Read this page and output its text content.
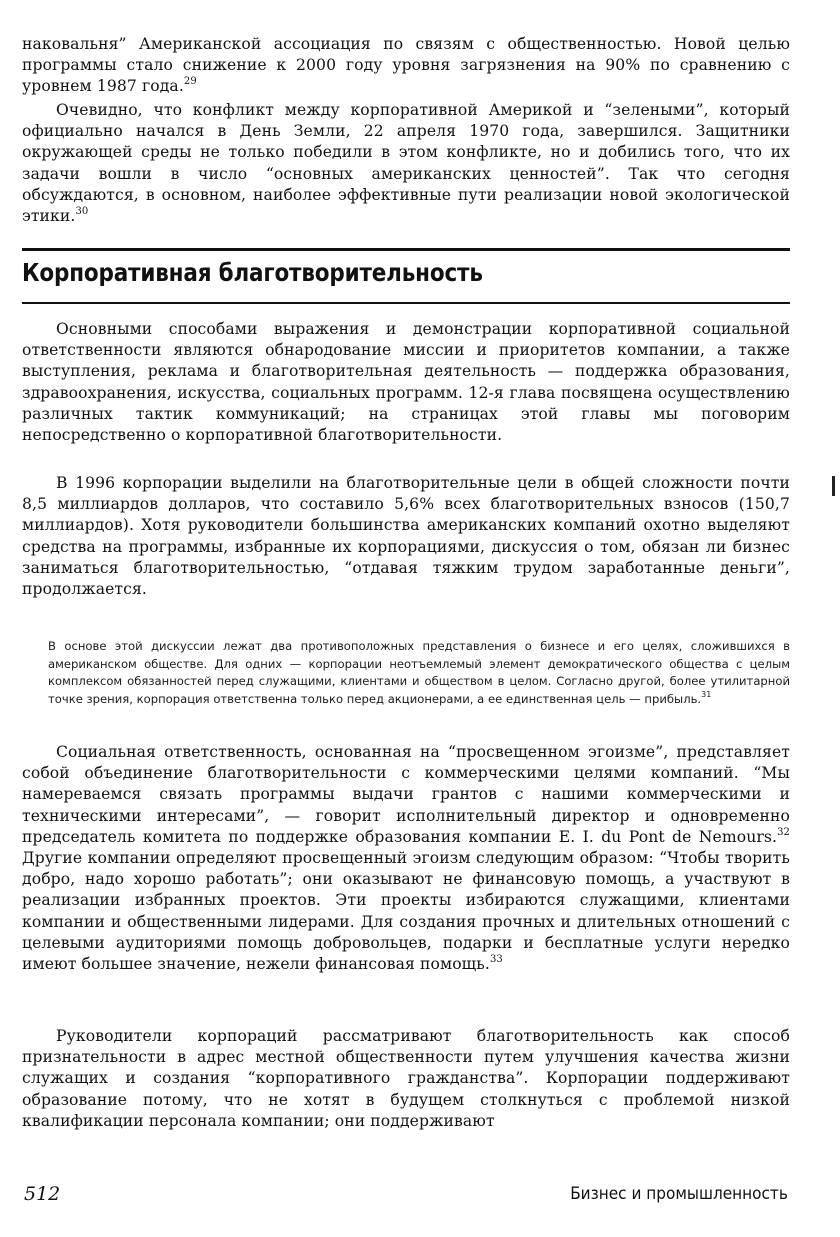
наковальня” Американской ассоциация по связям с общественностью. Новой целью программы стало снижение к 2000 году уровня загрязнения на 90% по сравнению с уровнем 1987 года.$^{29}$

Очевидно, что конфликт между корпоративной Америкой и “зелеными”, который официально начался в День Земли, 22 апреля 1970 года, завершился. Защитники окружающей среды не только победили в этом конфликте, но и добились того, что их задачи вошли в число “основных американских ценностей”. Так что сегодня обсуждаются, в основном, наиболее эффективные пути реализации новой экологической этики.$^{30}$

Корпоративная благотворительность

Основными способами выражения и демонстрации корпоративной социальной ответственности являются обнародование миссии и приоритетов компании, а также выступления, реклама и благотворительная деятельность — поддержка образования, здравоохранения, искусства, социальных программ. 12-я глава посвящена осуществлению различных тактик коммуникаций; на страницах этой главы мы поговорим непосредственно о корпоративной благотворительности.

В 1996 корпорации выделили на благотворительные цели в общей сложности почти 8,5 миллиардов долларов, что составило 5,6% всех благотворительных взносов (150,7 миллиардов). Хотя руководители большинства американских компаний охотно выделяют средства на программы, избранные их корпорациями, дискуссия о том, обязан ли бизнес заниматься благотворительностью, “отдавая тяжким трудом заработанные деньги”, продолжается.

В основе этой дискуссии лежат два противоположных представления о бизнесе и его целях, сложившихся в американском обществе. Для одних — корпорации неотъемлемый элемент демократического общества с целым комплексом обязанностей перед служащими, клиентами и обществом в целом. Согласно другой, более утилитарной точке зрения, корпорация ответственна только перед акционерами, а ее единственная цель — прибыль.$^{31}$

Социальная ответственность, основанная на “просвещенном эгоизме”, представляет собой объединение благотворительности с коммерческими целями компаний. “Мы намереваемся связать программы выдачи грантов с нашими коммерческими и техническими интересами”, — говорит исполнительный директор и одновременно председатель комитета по поддержке образования компании E. I. du Pont de Nemours.$^{32}$ Другие компании определяют просвещенный эгоизм следующим образом: “Чтобы творить добро, надо хорошо работать”; они оказывают не финансовую помощь, а участвуют в реализации избранных проектов. Эти проекты избираются служащими, клиентами компании и общественными лидерами. Для создания прочных и длительных отношений с целевыми аудиториями помощь добровольцев, подарки и бесплатные услуги нередко имеют большее значение, нежели финансовая помощь.$^{33}$

Руководители корпораций рассматривают благотворительность как способ признательности в адрес местной общественности путем улучшения качества жизни служащих и создания “корпоративного гражданства”. Корпорации поддерживают образование потому, что не хотят в будущем столкнуться с проблемой низкой квалификации персонала компании; они поддерживают

512	Бизнес и промышленность
